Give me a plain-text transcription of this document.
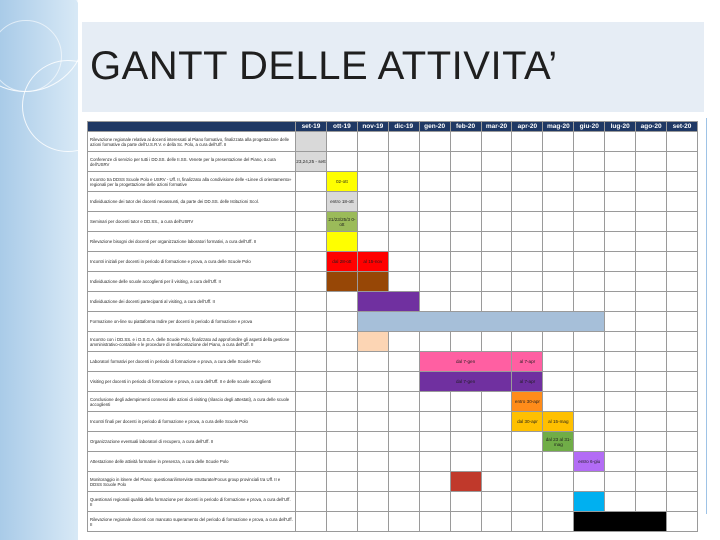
GANTT DELLE ATTIVITA’
	set-19	ott-19	nov-19	dic-19	gen-20	feb-20	mar-20	apr-20	mag-20	giu-20	lug-20	ago-20	set-20
Rilevazione regionale relativa ai docenti interessati al Piano formativo, finalizzata alla progettazione delle azioni formative da parte dell'U.S.R.V. e della Sc. Polo, a cura dell'Uff. II													
Conferenze di servizio per tutti i DD.SS. delle II.SS. Venete per la presentazione del Piano, a cura dell'USRV	23,24,25 - sett												

Incontro tra DDSS Scuole Polo e USRV - Uff. II, finalizzato alla condivisione delle «Linee di orientamento» regionali per la progettazione delle azioni formative		02-ott											

Individuazione dei tutor dei docenti neoassunti, da parte dei DD.SS. delle Istituzioni Scol.		entro 18-ott											

Seminari per docenti tutor e DD.SS., a cura dell'USRV		21/23/25/3 0-ott											

Rilevazione bisogni dei docenti per organizzazione laboratori formativi, a cura dell'Uff. II													
Incontri iniziali per docenti in periodo di formazione e prova, a cura delle Scuole Polo		dal 28-ott	al 15-nov										

Individuazione delle scuole accoglienti per il visiting, a cura dell'Uff. II													
Individuazione dei docenti partecipanti al visiting, a cura dell'Uff. II													
Formazione on-line su piattaforma Indire per docenti in periodo di formazione e prova													
Incontro con i DD.SS. e i D.S.G.A. delle Scuole Polo, finalizzato ad approfondire gli aspetti della gestione amministrativo-contabile e le procedure di rendicontazione del Piano, a cura dell'Uff. II													
Laboratori formativi per docenti in periodo di formazione e prova, a cura delle Scuole Polo					dal 7-gen			al 7-apr					

Visiting per docenti in periodo di formazione e prova, a cura dell'Uff. II e delle scuole accoglienti					dal 7-gen			al 7-apr					

Conclusione degli adempimenti connessi alle azioni di visiting (rilascio degli attestati), a cura delle scuole accoglienti								entro 30-apr					

Incontri finali per docenti in periodo di formazione e prova, a cura delle Scuole Polo								dal 30-apr	al 15-mag				

Organizzazione eventuali laboratori di recupero, a cura dell'Uff. II									dal 23 al 31-mag				

Attestazione delle attività formative in presenza, a cura delle Scuole Polo										entro 6-giu			

Monitoraggio in itinere del Piano: questionari/interviste strutturate/Focus group provinciali tra Uff. II e DDSS Scuole Polo													
Questionari regionali qualità della formazione per docenti in periodo di formazione e prova, a cura dell'Uff. II													
Rilevazione regionale docenti con mancato superamento del periodo di formazione e prova, a cura dell'Uff. II													
